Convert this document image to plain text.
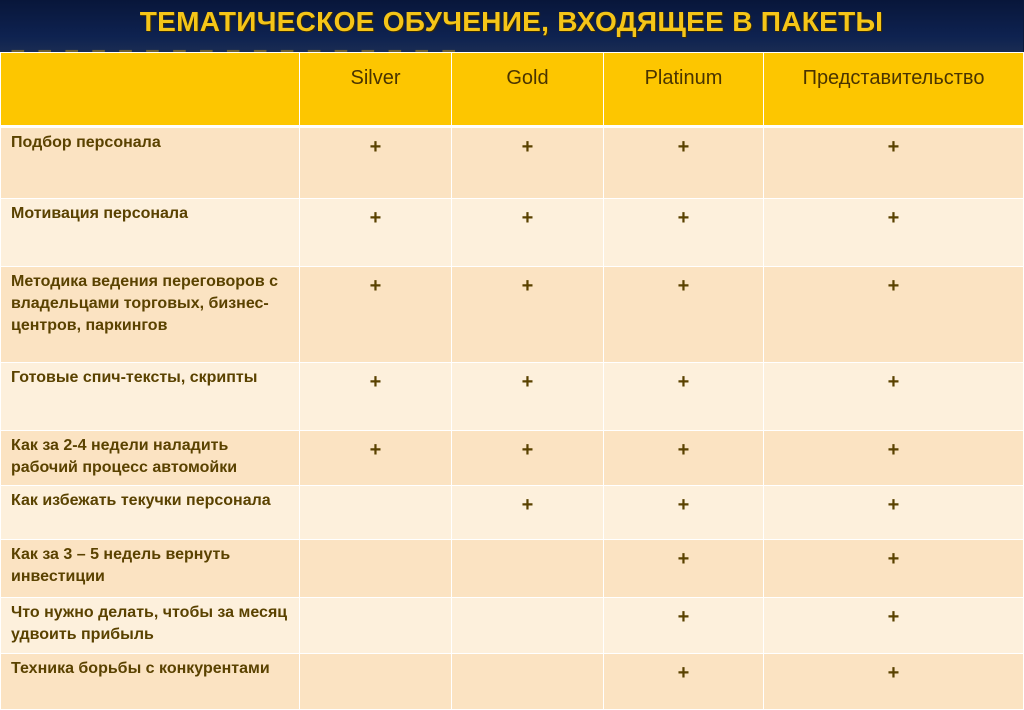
ТЕМАТИЧЕСКОЕ ОБУЧЕНИЕ, ВХОДЯЩЕЕ В ПАКЕТЫ
	Silver	Gold	Platinum	Представительство
Подбор персонала	+	+	+	+
Мотивация персонала	+	+	+	+
Методика ведения переговоров с владельцами торговых, бизнес-центров, паркингов	+	+	+	+
Готовые спич-тексты, скрипты	+	+	+	+
Как за 2-4 недели наладить рабочий процесс автомойки	+	+	+	+
Как избежать текучки персонала		+	+	+
Как за 3 – 5 недель вернуть инвестиции			+	+
Что нужно делать, чтобы за месяц удвоить прибыль			+	+
Техника борьбы с конкурентами			+	+
